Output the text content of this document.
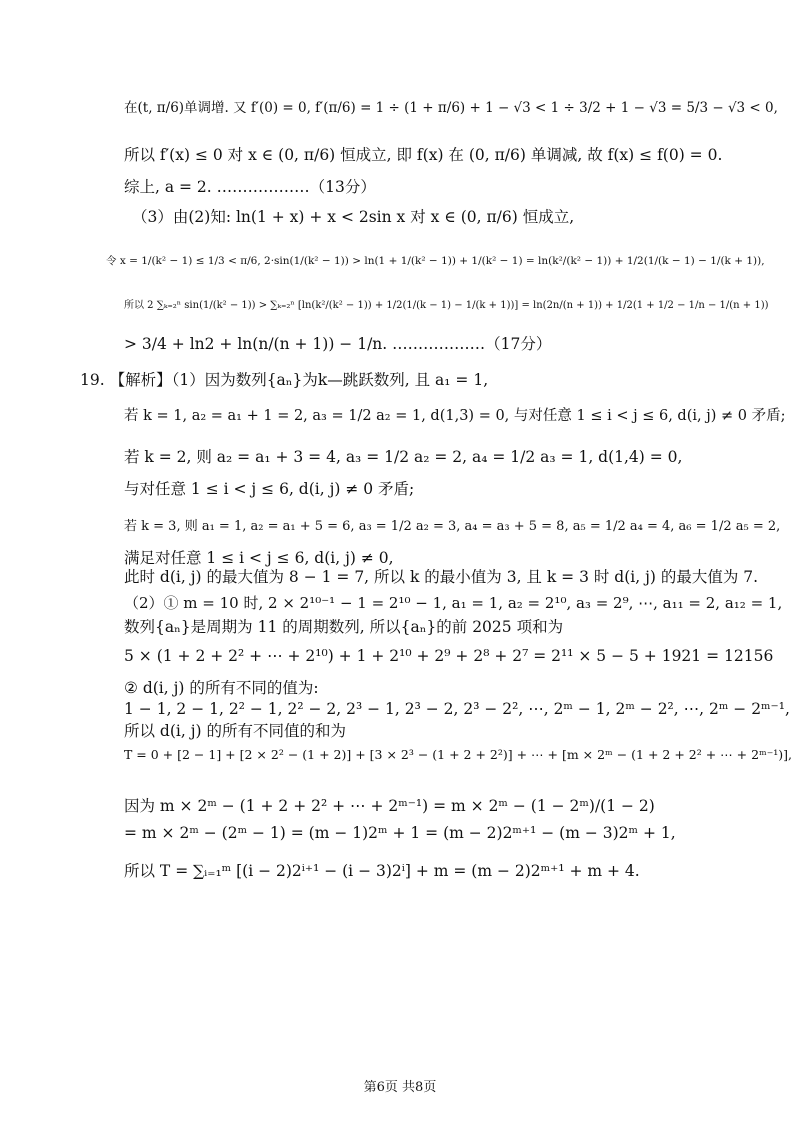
在(t, π/6)单调增. 又 f′(0) = 0, f′(π/6) = 1 ÷ (1 + π/6) + 1 − √3 < 1 ÷ 3/2 + 1 − √3 = 5/3 − √3 < 0,
所以 f′(x) ≤ 0 对 x ∈ (0, π/6) 恒成立, 即 f(x) 在 (0, π/6) 单调减, 故 f(x) ≤ f(0) = 0.
综上, a = 2. ………………（13分）
（3）由(2)知: ln(1 + x) + x < 2sin x 对 x ∈ (0, π/6) 恒成立,
令 x = 1/(k² − 1) ≤ 1/3 < π/6, 2·sin(1/(k² − 1)) > ln(1 + 1/(k² − 1)) + 1/(k² − 1) = ln(k²/(k² − 1)) + 1/2(1/(k − 1) − 1/(k + 1)),
所以 2 ∑ₖ₌₂ⁿ sin(1/(k² − 1)) > ∑ₖ₌₂ⁿ [ln(k²/(k² − 1)) + 1/2(1/(k − 1) − 1/(k + 1))] = ln(2n/(n + 1)) + 1/2(1 + 1/2 − 1/n − 1/(n + 1))
> 3/4 + ln2 + ln(n/(n + 1)) − 1/n. ………………（17分）
19. 【解析】（1）因为数列{aₙ}为k—跳跃数列, 且 a₁ = 1,
若 k = 1, a₂ = a₁ + 1 = 2, a₃ = 1/2 a₂ = 1, d(1,3) = 0, 与对任意 1 ≤ i < j ≤ 6, d(i, j) ≠ 0 矛盾;
若 k = 2, 则 a₂ = a₁ + 3 = 4, a₃ = 1/2 a₂ = 2, a₄ = 1/2 a₃ = 1, d(1,4) = 0,
与对任意 1 ≤ i < j ≤ 6, d(i, j) ≠ 0 矛盾;
若 k = 3, 则 a₁ = 1, a₂ = a₁ + 5 = 6, a₃ = 1/2 a₂ = 3, a₄ = a₃ + 5 = 8, a₅ = 1/2 a₄ = 4, a₆ = 1/2 a₅ = 2,
满足对任意 1 ≤ i < j ≤ 6, d(i, j) ≠ 0,
此时 d(i, j) 的最大值为 8 − 1 = 7, 所以 k 的最小值为 3, 且 k = 3 时 d(i, j) 的最大值为 7.
（2）① m = 10 时, 2 × 2¹⁰⁻¹ − 1 = 2¹⁰ − 1, a₁ = 1, a₂ = 2¹⁰, a₃ = 2⁹, ⋯, a₁₁ = 2, a₁₂ = 1,
数列{aₙ}是周期为 11 的周期数列, 所以{aₙ}的前 2025 项和为
5 × (1 + 2 + 2² + ⋯ + 2¹⁰) + 1 + 2¹⁰ + 2⁹ + 2⁸ + 2⁷ = 2¹¹ × 5 − 5 + 1921 = 12156
② d(i, j) 的所有不同的值为:
1 − 1, 2 − 1, 2² − 1, 2² − 2, 2³ − 1, 2³ − 2, 2³ − 2², ⋯, 2ᵐ − 1, 2ᵐ − 2², ⋯, 2ᵐ − 2ᵐ⁻¹,
所以 d(i, j) 的所有不同值的和为
T = 0 + [2 − 1] + [2 × 2² − (1 + 2)] + [3 × 2³ − (1 + 2 + 2²)] + ⋯ + [m × 2ᵐ − (1 + 2 + 2² + ⋯ + 2ᵐ⁻¹)],
因为 m × 2ᵐ − (1 + 2 + 2² + ⋯ + 2ᵐ⁻¹) = m × 2ᵐ − (1 − 2ᵐ)/(1 − 2)
= m × 2ᵐ − (2ᵐ − 1) = (m − 1)2ᵐ + 1 = (m − 2)2ᵐ⁺¹ − (m − 3)2ᵐ + 1,
所以 T = ∑ᵢ₌₁ᵐ [(i − 2)2ⁱ⁺¹ − (i − 3)2ⁱ] + m = (m − 2)2ᵐ⁺¹ + m + 4.
第6页 共8页
